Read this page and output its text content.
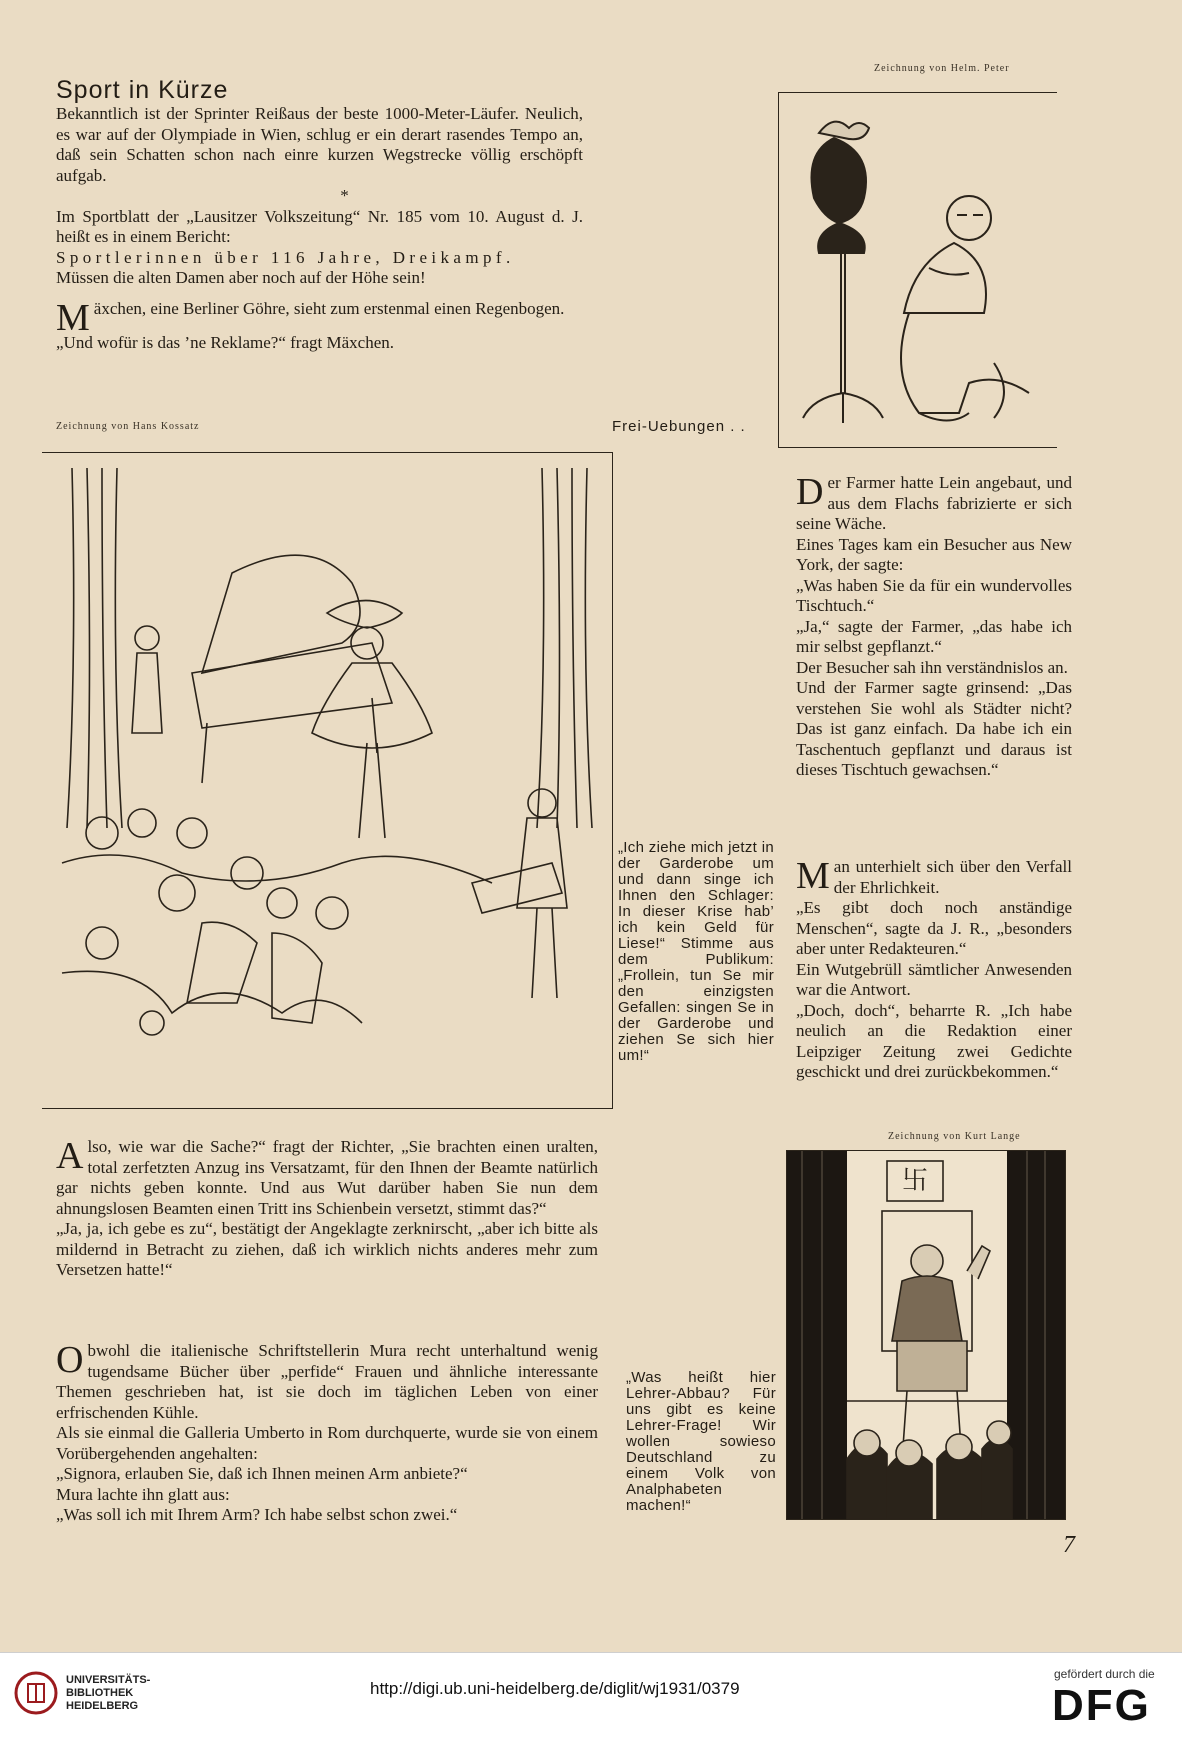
Sport in Kürze
Zeichnung von Helm. Peter

Bekanntlich ist der Sprinter Reißaus der beste 1000-Meter-Läufer. Neulich, es war auf der Olympiade in Wien, schlug er ein derart rasendes Tempo an, daß sein Schatten schon nach einre kurzen Wegstrecke völlig erschöpft aufgab.

*

Im Sportblatt der „Lausitzer Volkszeitung“ Nr. 185 vom 10. August d. J. heißt es in einem Bericht:

Sportlerinnen über 116 Jahre, Dreikampf.

Müssen die alten Damen aber noch auf der Höhe sein!

Mäxchen, eine Berliner Göhre, sieht zum erstenmal einen Regenbogen.

„Und wofür is das ’ne Reklame?“ fragt Mäxchen.

Zeichnung von Hans Kossatz	Frei-Uebungen . .

Der Farmer hatte Lein angebaut, und aus dem Flachs fabrizierte er sich seine Wäche.

Eines Tages kam ein Besucher aus New York, der sagte:

„Was haben Sie da für ein wundervolles Tischtuch.“

„Ja,“ sagte der Farmer, „das habe ich mir selbst gepflanzt.“

Der Besucher sah ihn verständnislos an.

Und der Farmer sagte grinsend: „Das verstehen Sie wohl als Städter nicht? Das ist ganz einfach. Da habe ich ein Taschentuch gepflanzt und daraus ist dieses Tischtuch gewachsen.“

„Ich ziehe mich jetzt in der Garderobe um und dann singe ich Ihnen den Schlager: In dieser Krise hab’ ich kein Geld für Liese!“ Stimme aus dem Publikum: „Frollein, tun Se mir den einzigsten Gefallen: singen Se in der Garderobe und ziehen Se sich hier um!“

Man unterhielt sich über den Verfall der Ehrlichkeit.

„Es gibt doch noch anständige Menschen“, sagte da J. R., „besonders aber unter Redakteuren.“

Ein Wutgebrüll sämtlicher Anwesenden war die Antwort.

„Doch, doch“, beharrte R. „Ich habe neulich an die Redaktion einer Leipziger Zeitung zwei Gedichte geschickt und drei zurückbekommen.“

Zeichnung von Kurt Lange

Also, wie war die Sache?“ fragt der Richter, „Sie brachten einen uralten, total zerfetzten Anzug ins Versatzamt, für den Ihnen der Beamte natürlich gar nichts geben konnte. Und aus Wut darüber haben Sie nun dem ahnungslosen Beamten einen Tritt ins Schienbein versetzt, stimmt das?“

„Ja, ja, ich gebe es zu“, bestätigt der Angeklagte zerknirscht, „aber ich bitte als mildernd in Betracht zu ziehen, daß ich wirklich nichts anderes mehr zum Versetzen hatte!“

Obwohl die italienische Schriftstellerin Mura recht unterhaltund wenig tugendsame Bücher über „perfide“ Frauen und ähnliche interessante Themen geschrieben hat, ist sie doch im täglichen Leben von einer erfrischenden Kühle.

Als sie einmal die Galleria Umberto in Rom durchquerte, wurde sie von einem Vorübergehenden angehalten:

„Signora, erlauben Sie, daß ich Ihnen meinen Arm anbiete?“

Mura lachte ihn glatt aus:

„Was soll ich mit Ihrem Arm? Ich habe selbst schon zwei.“

„Was heißt hier Lehrer-Abbau? Für uns gibt es keine Lehrer-Frage! Wir wollen sowieso Deutschland zu einem Volk von Analphabeten machen!“
卐
7
UNIVERSITÄTS-
BIBLIOTHEK
HEIDELBERG
http://digi.ub.uni-heidelberg.de/diglit/wj1931/0379
gefördert durch die
DFG
